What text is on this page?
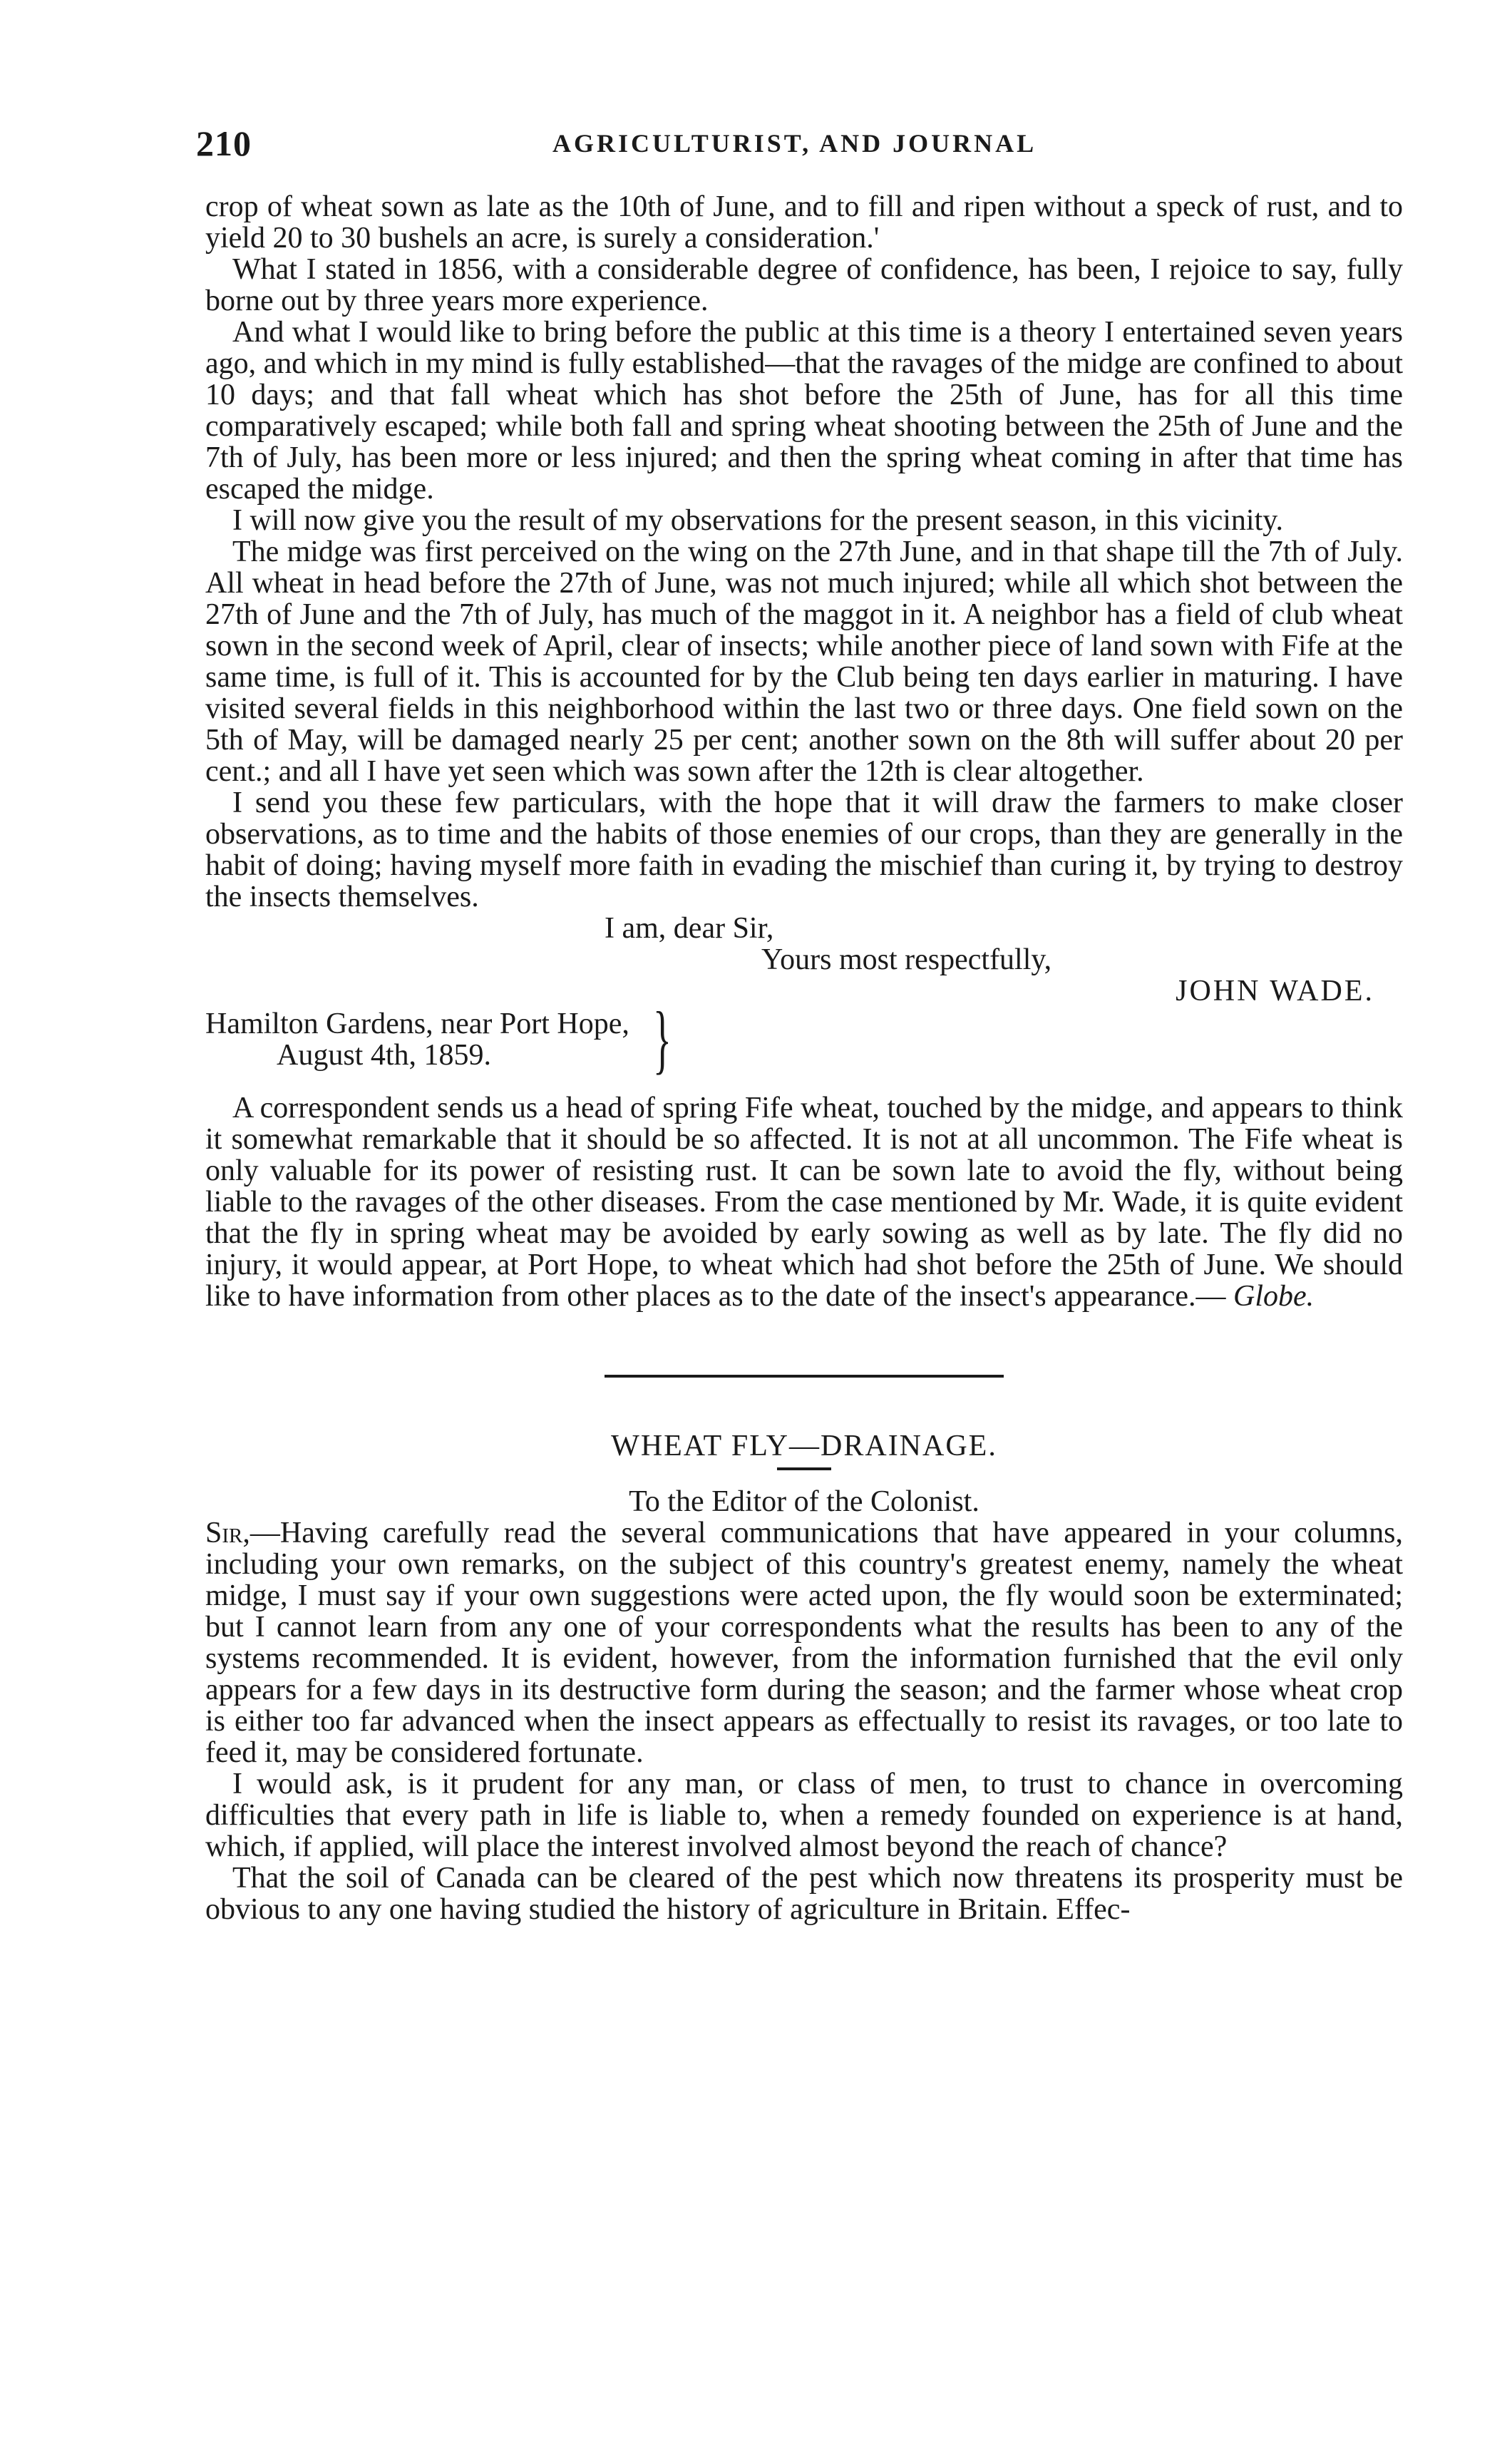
210	AGRICULTURIST, AND JOURNAL

crop of wheat sown as late as the 10th of June, and to fill and ripen without a speck of rust, and to yield 20 to 30 bushels an acre, is surely a consideration.'

What I stated in 1856, with a considerable degree of confidence, has been, I rejoice to say, fully borne out by three years more experience.

And what I would like to bring before the public at this time is a theory I entertained seven years ago, and which in my mind is fully established—that the ravages of the midge are confined to about 10 days; and that fall wheat which has shot before the 25th of June, has for all this time comparatively escaped; while both fall and spring wheat shooting between the 25th of June and the 7th of July, has been more or less injured; and then the spring wheat coming in after that time has escaped the midge.

I will now give you the result of my observations for the present season, in this vicinity.

The midge was first perceived on the wing on the 27th June, and in that shape till the 7th of July. All wheat in head before the 27th of June, was not much injured; while all which shot between the 27th of June and the 7th of July, has much of the maggot in it. A neighbor has a field of club wheat sown in the second week of April, clear of insects; while another piece of land sown with Fife at the same time, is full of it. This is accounted for by the Club being ten days earlier in maturing. I have visited several fields in this neighborhood within the last two or three days. One field sown on the 5th of May, will be damaged nearly 25 per cent; another sown on the 8th will suffer about 20 per cent.; and all I have yet seen which was sown after the 12th is clear altogether.

I send you these few particulars, with the hope that it will draw the farmers to make closer observations, as to time and the habits of those enemies of our crops, than they are generally in the habit of doing; having myself more faith in evading the mischief than curing it, by trying to destroy the insects themselves.

I am, dear Sir,

Yours most respectfully,

JOHN WADE.

Hamilton Gardens, near Port Hope,
August 4th, 1859.	}

A correspondent sends us a head of spring Fife wheat, touched by the midge, and appears to think it somewhat remarkable that it should be so affected. It is not at all uncommon. The Fife wheat is only valuable for its power of resisting rust. It can be sown late to avoid the fly, without being liable to the ravages of the other diseases. From the case mentioned by Mr. Wade, it is quite evident that the fly in spring wheat may be avoided by early sowing as well as by late. The fly did no injury, it would appear, at Port Hope, to wheat which had shot before the 25th of June. We should like to have information from other places as to the date of the insect's appearance.— Globe.

WHEAT FLY—DRAINAGE.

To the Editor of the Colonist.

Sir,—Having carefully read the several communications that have appeared in your columns, including your own remarks, on the subject of this country's greatest enemy, namely the wheat midge, I must say if your own suggestions were acted upon, the fly would soon be exterminated; but I cannot learn from any one of your correspondents what the results has been to any of the systems recommended. It is evident, however, from the information furnished that the evil only appears for a few days in its destructive form during the season; and the farmer whose wheat crop is either too far advanced when the insect appears as effectually to resist its ravages, or too late to feed it, may be considered fortunate.

I would ask, is it prudent for any man, or class of men, to trust to chance in overcoming difficulties that every path in life is liable to, when a remedy founded on experience is at hand, which, if applied, will place the interest involved almost beyond the reach of chance?

That the soil of Canada can be cleared of the pest which now threatens its prosperity must be obvious to any one having studied the history of agriculture in Britain. Effec-
